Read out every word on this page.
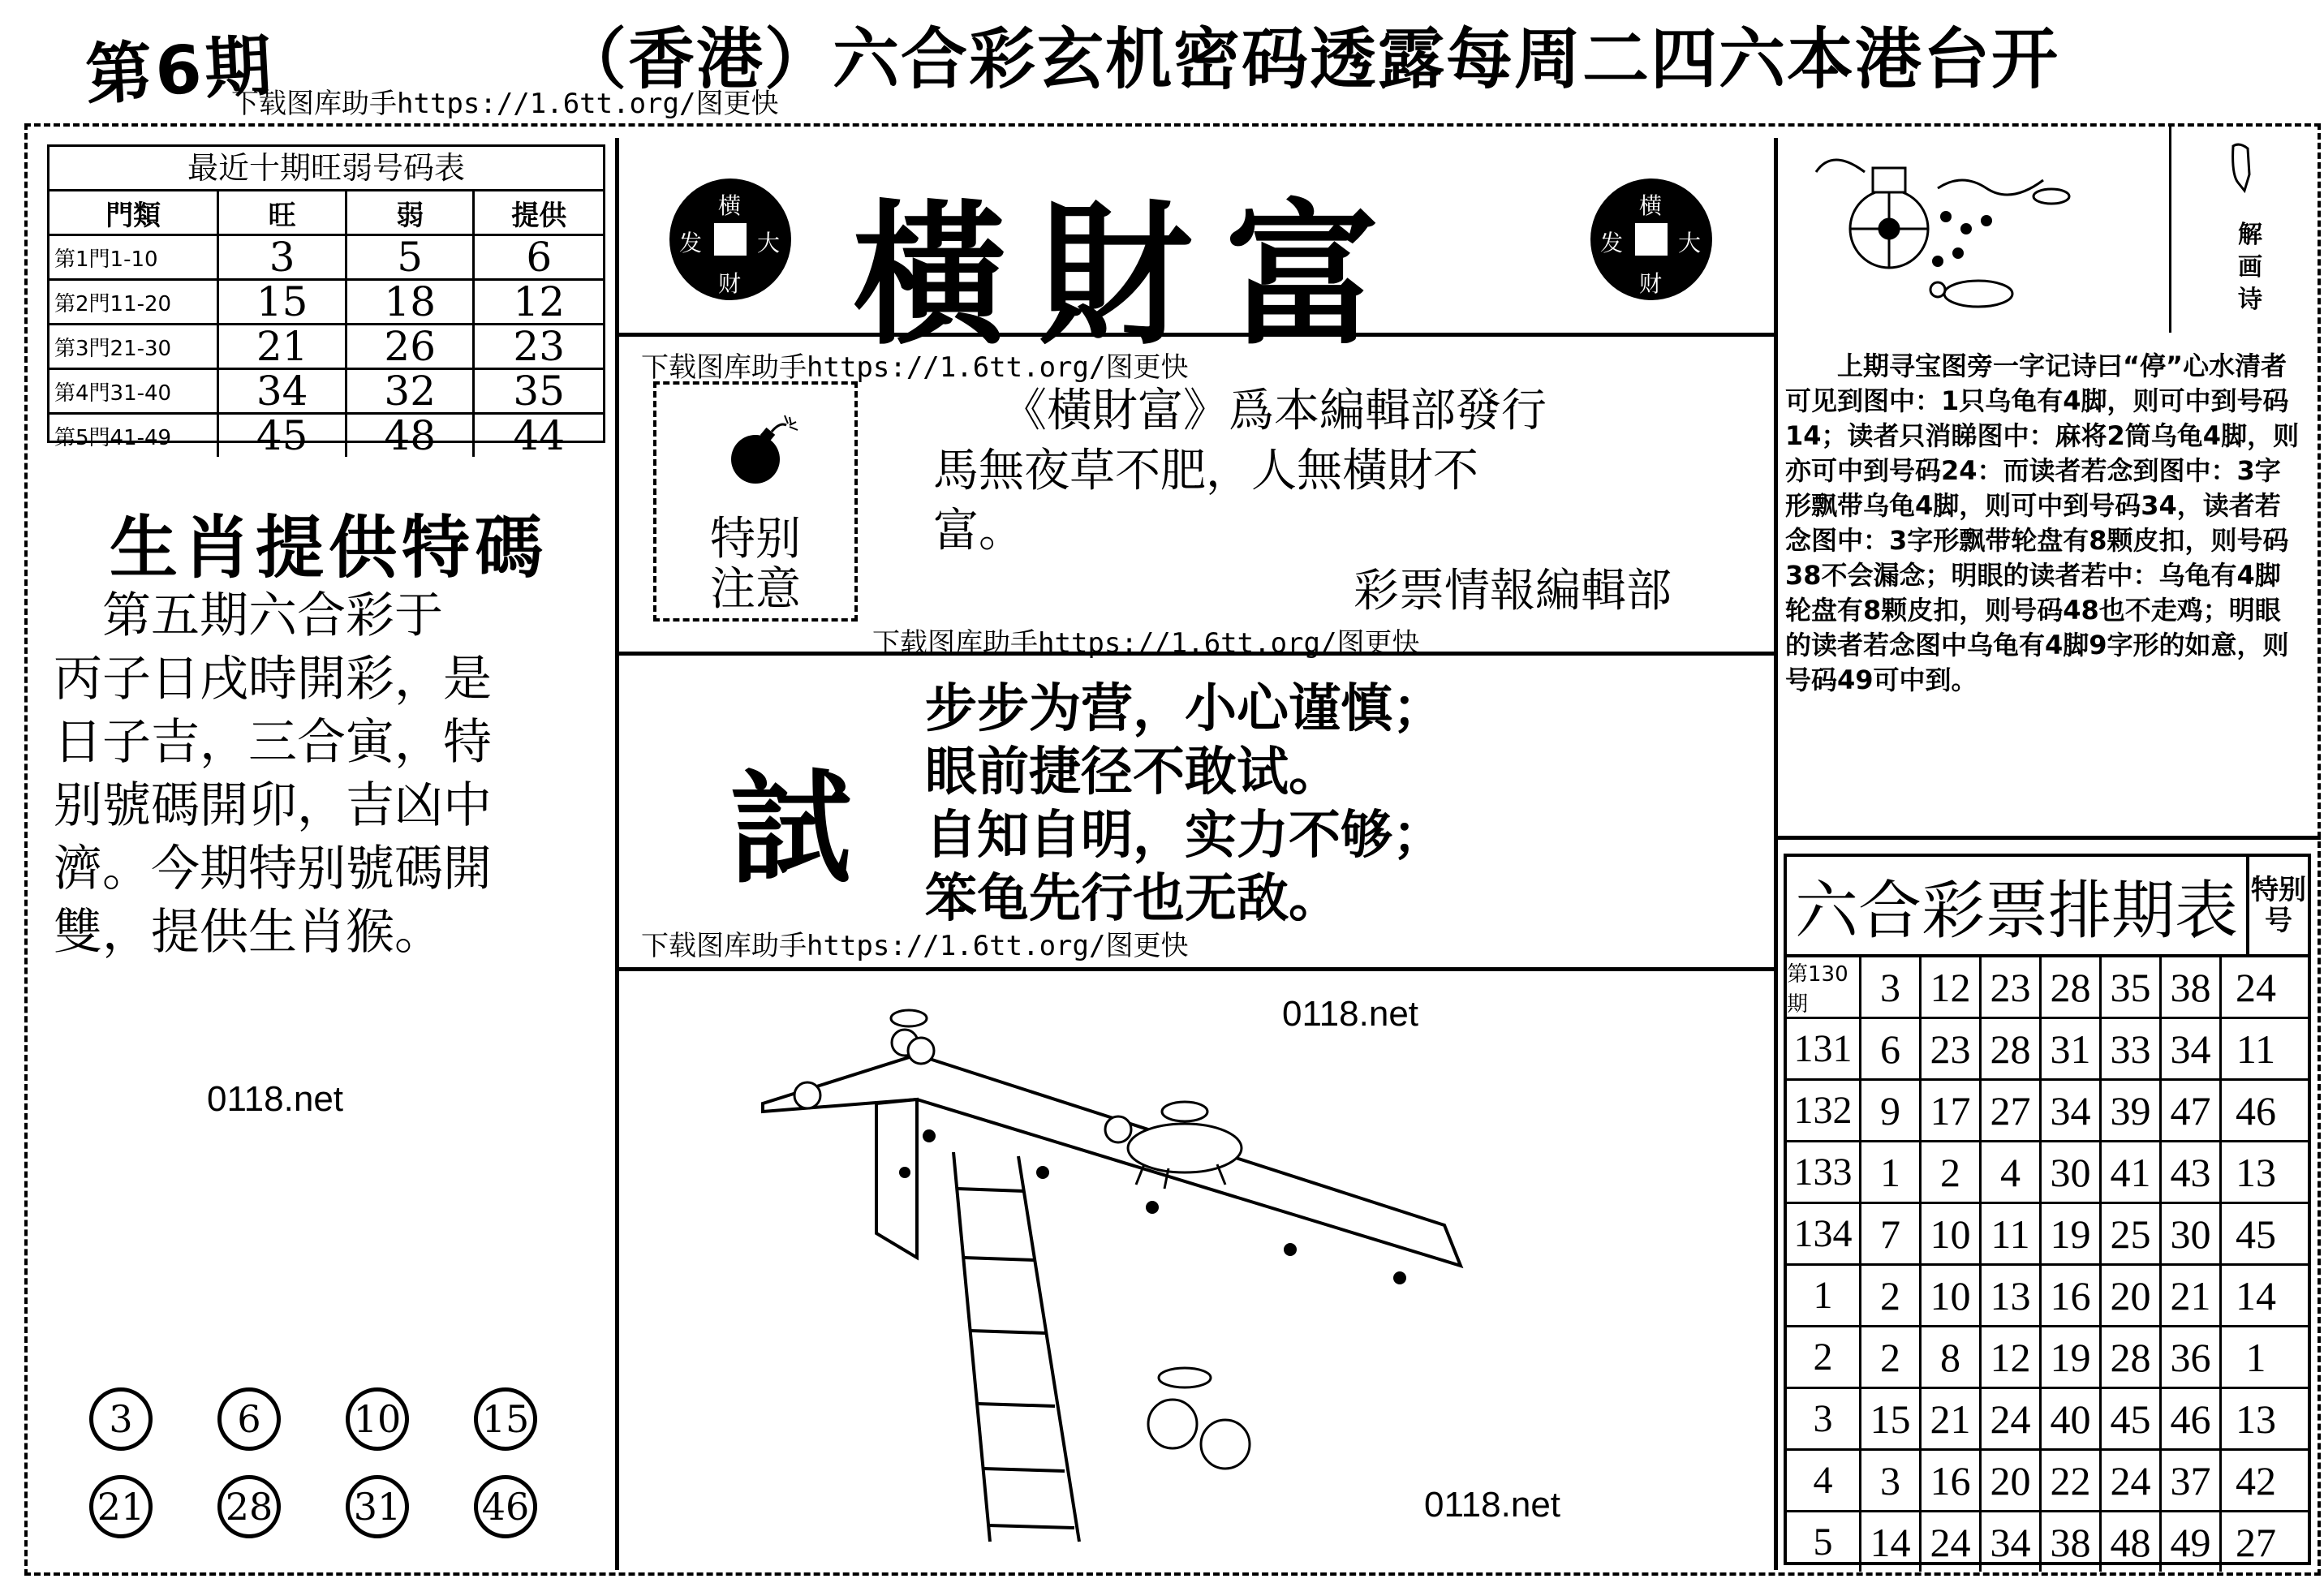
第6期	（香港）六合彩玄机密码透露每周二四六本港台开
下载图库助手https://1.6tt.org/图更快
最近十期旺弱号码表
門類	旺	弱	提供
第1門1-10	3	5	6
第2門11-20	15	18	12
第3門21-30	21	26	23
第4門31-40	34	32	35
第5門41-49	45	48	44
生肖提供特碼

　第五期六合彩于

丙子日戌時開彩，是

日子吉，三合寅，特

别號碼開卯，吉凶中

濟。今期特别號碼開

雙，提供生肖猴。

0118.net
3	6	10 15
21 28 31 46
横
大
财
发 橫財富	横
大
财
发
下载图库助手https://1.6tt.org/图更快
特别
注意

　　《橫財富》爲本編輯部發行

馬無夜草不肥，人無橫財不

富。

彩票情報編輯部

下载图库助手https://1.6tt.org/图更快
試

步步为营，小心谨慎；

眼前捷径不敢试。

自知自明，实力不够；

笨龟先行也无敌。

下载图库助手https://1.6tt.org/图更快
0118.net
0118.net
解画诗
　　上期寻宝图旁一字记诗曰“停”心水清者可见到图中：1只乌龟有4脚，则可中到号码14；读者只消睇图中：麻将2筒乌龟4脚，则亦可中到号码24：而读者若念到图中：3字形飘带乌龟4脚，则可中到号码34，读者若念图中：3字形飘带轮盘有8颗皮扣，则号码38不会漏念；明眼的读者若中：乌龟有4脚轮盘有8颗皮扣，则号码48也不走鸡；明眼的读者若念图中乌龟有4脚9字形的如意，则号码49可中到。
六合彩票排期表 特别号
第130期	3 12 23 28 35 38 24
131 6 23 28 31 33 34 11
132 9 17 27 34 39 47 46
133 1 2 4 30 41 43 13
134 7 10 11 19 25 30 45
1	2 10 13 16 20 21 14
2	2 8 12 19 28 36 1
3 15 21 24 40 45 46 13
4	3 16 20 22 24 37 42
5 14 24 34 38 48 49 27
